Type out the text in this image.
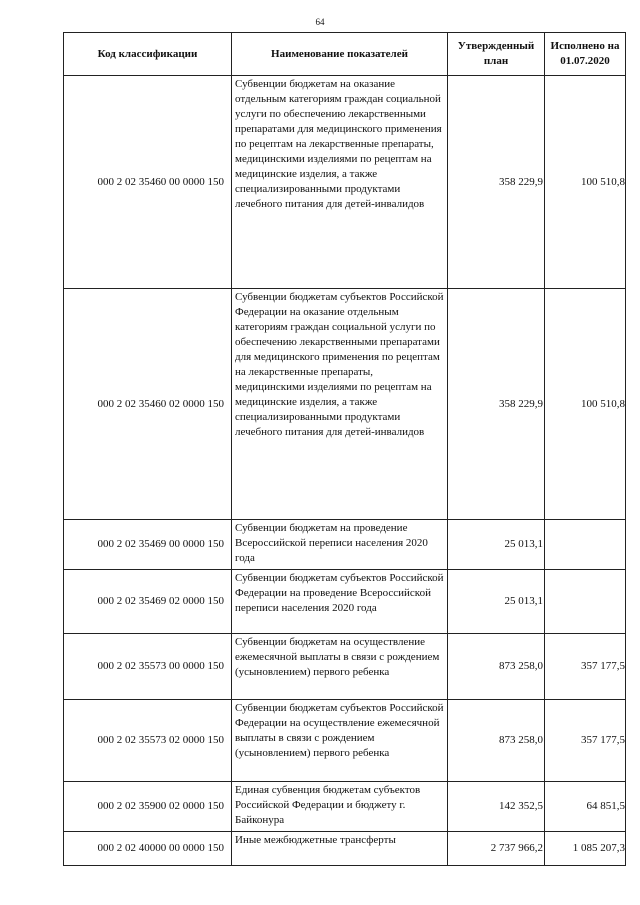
64
Код классификации	Наименование показателей	Утвержденный план	Исполнено на 01.07.2020
000 2 02 35460 00 0000 150	Субвенции бюджетам на оказание отдельным категориям граждан социальной услуги по обеспечению лекарственными препаратами для медицинского применения по рецептам на лекарственные препараты, медицинскими изделиями по рецептам на медицинские изделия, а также специализированными продуктами лечебного питания для детей-инвалидов	358 229,9	100 510,8
000 2 02 35460 02 0000 150	Субвенции бюджетам субъектов Российской Федерации на оказание отдельным категориям граждан социальной услуги по обеспечению лекарственными препаратами для медицинского применения по рецептам на лекарственные препараты, медицинскими изделиями по рецептам на медицинские изделия, а также специализированными продуктами лечебного питания для детей-инвалидов	358 229,9	100 510,8
000 2 02 35469 00 0000 150	Субвенции бюджетам на проведение Всероссийской переписи населения 2020 года	25 013,1	
000 2 02 35469 02 0000 150	Субвенции бюджетам субъектов Российской Федерации на проведение Всероссийской переписи населения 2020 года	25 013,1	
000 2 02 35573 00 0000 150	Субвенции бюджетам на осуществление ежемесячной выплаты в связи с рождением (усыновлением) первого ребенка	873 258,0	357 177,5
000 2 02 35573 02 0000 150	Субвенции бюджетам субъектов Российской Федерации на осуществление ежемесячной выплаты в связи с рождением (усыновлением) первого ребенка	873 258,0	357 177,5
000 2 02 35900 02 0000 150	Единая субвенция бюджетам субъектов Российской Федерации и бюджету г. Байконура	142 352,5	64 851,5
000 2 02 40000 00 0000 150	Иные межбюджетные трансферты	2 737 966,2	1 085 207,3
